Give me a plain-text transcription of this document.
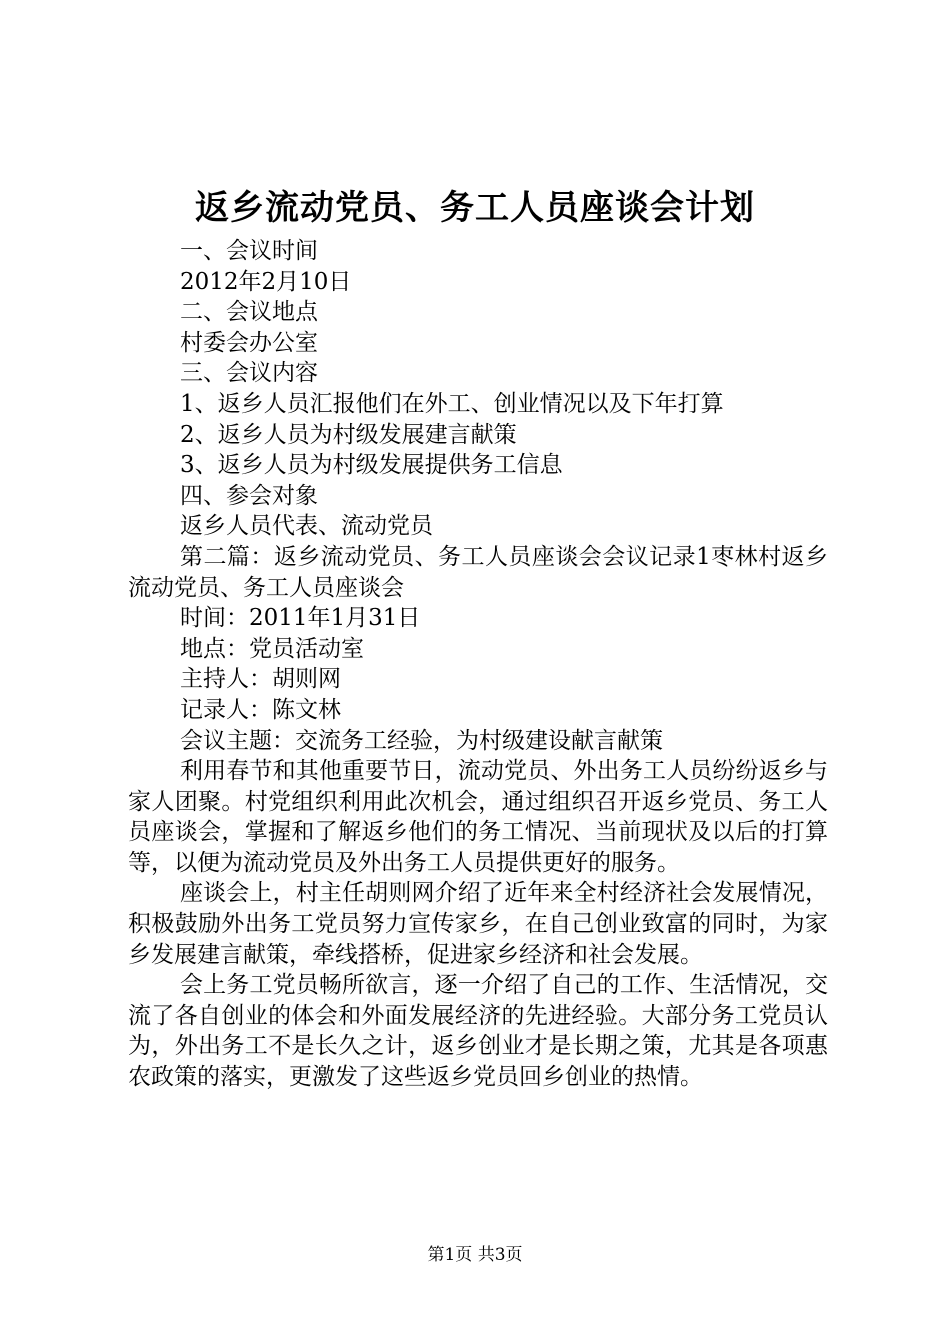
返乡流动党员、务工人员座谈会计划

一、会议时间

2012年2月10日

二、会议地点

村委会办公室

三、会议内容

1、返乡人员汇报他们在外工、创业情况以及下年打算

2、返乡人员为村级发展建言献策

3、返乡人员为村级发展提供务工信息

四、参会对象

返乡人员代表、流动党员

第二篇：返乡流动党员、务工人员座谈会会议记录1枣林村返乡流动党员、务工人员座谈会

时间：2011年1月31日

地点：党员活动室

主持人：胡则网

记录人：陈文林

会议主题：交流务工经验，为村级建设献言献策

利用春节和其他重要节日，流动党员、外出务工人员纷纷返乡与家人团聚。村党组织利用此次机会，通过组织召开返乡党员、务工人员座谈会，掌握和了解返乡他们的务工情况、当前现状及以后的打算等，以便为流动党员及外出务工人员提供更好的服务。

座谈会上，村主任胡则网介绍了近年来全村经济社会发展情况，积极鼓励外出务工党员努力宣传家乡，在自己创业致富的同时，为家乡发展建言献策，牵线搭桥，促进家乡经济和社会发展。

会上务工党员畅所欲言，逐一介绍了自己的工作、生活情况，交流了各自创业的体会和外面发展经济的先进经验。大部分务工党员认为，外出务工不是长久之计，返乡创业才是长期之策，尤其是各项惠农政策的落实，更激发了这些返乡党员回乡创业的热情。

第1页 共3页
